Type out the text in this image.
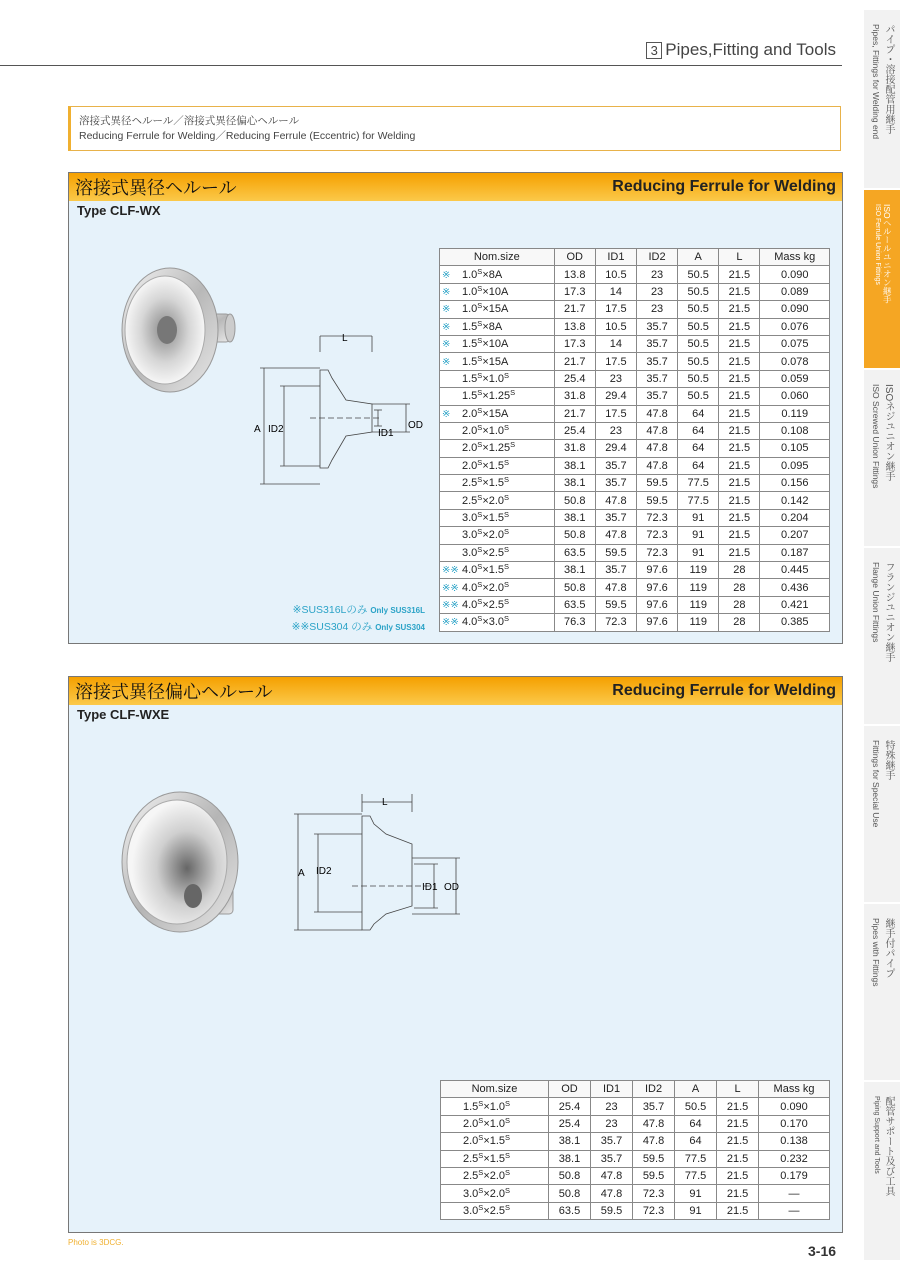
3 Pipes,Fitting and Tools	パイプ・溶接配管用継手
Pipes, Fittings for Welding end
ISOヘルールユニオン継手
ISO Ferrule Union Fittings
ISOネジユニオン継手
ISO Screwed Union Fittings
フランジユニオン継手
Flange Union Fittings
特殊継手
Fittings for Special Use
継手付パイプ
Pipes with Fittings
配管サポート及び工具
Piping Support and Tools
溶接式異径ヘルール／溶接式異径偏心ヘルール
Reducing Ferrule for Welding／Reducing Ferrule (Eccentric) for Welding
溶接式異径ヘルール	Reducing Ferrule for Welding
Type CLF-WX
L
A ID2	ID1
OD
Nom.size	OD	ID1	ID2	A	L	Mass kg
※ $1.0^S\times 8A$	13.8	10.5	23	50.5	21.5	0.090
※ $1.0^S\times 10A$	17.3	14	23	50.5	21.5	0.089
※ $1.0^S\times 15A$	21.7	17.5	23	50.5	21.5	0.090
※ $1.5^S\times 8A$	13.8	10.5	35.7	50.5	21.5	0.076
※ $1.5^S\times 10A$	17.3	14	35.7	50.5	21.5	0.075
※ $1.5^S\times 15A$	21.7	17.5	35.7	50.5	21.5	0.078
$1.5^S\times 1.0^S$	25.4	23	35.7	50.5	21.5	0.059
$1.5^S\times 1.25^S$	31.8	29.4	35.7	50.5	21.5	0.060
※ $2.0^S\times 15A$	21.7	17.5	47.8	64	21.5	0.119
$2.0^S\times 1.0^S$	25.4	23	47.8	64	21.5	0.108
$2.0^S\times 1.25^S$	31.8	29.4	47.8	64	21.5	0.105
$2.0^S\times 1.5^S$	38.1	35.7	47.8	64	21.5	0.095
$2.5^S\times 1.5^S$	38.1	35.7	59.5	77.5	21.5	0.156
$2.5^S\times 2.0^S$	50.8	47.8	59.5	77.5	21.5	0.142
$3.0^S\times 1.5^S$	38.1	35.7	72.3	91	21.5	0.204
$3.0^S\times 2.0^S$	50.8	47.8	72.3	91	21.5	0.207
$3.0^S\times 2.5^S$	63.5	59.5	72.3	91	21.5	0.187
※※ $4.0^S\times 1.5^S$	38.1	35.7	97.6	119	28	0.445
※※ $4.0^S\times 2.0^S$	50.8	47.8	97.6	119	28	0.436
※※ $4.0^S\times 2.5^S$	63.5	59.5	97.6	119	28	0.421
※※ $4.0^S\times 3.0^S$	76.3	72.3	97.6	119	28	0.385
※SUS316Lのみ Only SUS316L
※※SUS304 のみ Only SUS304
溶接式異径偏心ヘルール	Reducing Ferrule for Welding
Type CLF-WXE
L
A ID2
ID1 OD
Nom.size	OD	ID1	ID2	A	L	Mass kg
$1.5^S\times 1.0^S$	25.4	23	35.7	50.5	21.5	0.090
$2.0^S\times 1.0^S$	25.4	23	47.8	64	21.5	0.170
$2.0^S\times 1.5^S$	38.1	35.7	47.8	64	21.5	0.138
$2.5^S\times 1.5^S$	38.1	35.7	59.5	77.5	21.5	0.232
$2.5^S\times 2.0^S$	50.8	47.8	59.5	77.5	21.5	0.179
$3.0^S\times 2.0^S$	50.8	47.8	72.3	91	21.5	―
$3.0^S\times 2.5^S$	63.5	59.5	72.3	91	21.5	―
Photo is 3DCG.
3-16
